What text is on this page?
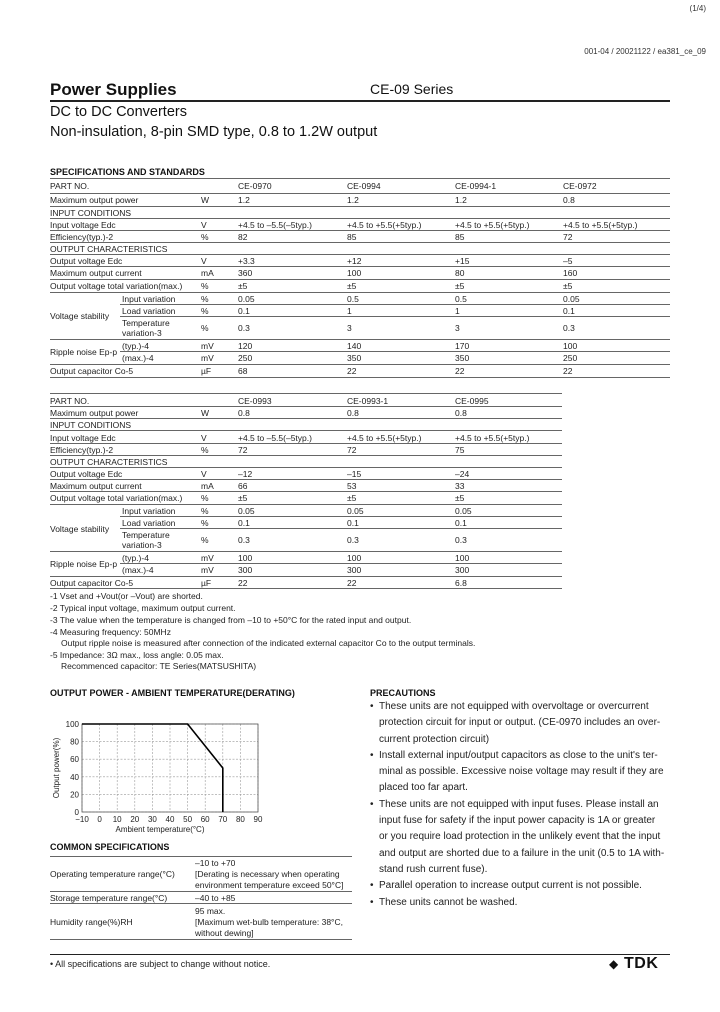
(1/4)
001-04 / 20021122 / ea381_ce_09
Power Supplies	CE-09 Series
DC to DC Converters
Non-insulation, 8-pin SMD type, 0.8 to 1.2W output
SPECIFICATIONS AND STANDARDS
PART NO.	CE-0970	CE-0994	CE-0994-1	CE-0972
Maximum output power	W	1.2	1.2	1.2	0.8
INPUT CONDITIONS
Input voltage Edc	V	+4.5 to –5.5(–5typ.)	+4.5 to +5.5(+5typ.)	+4.5 to +5.5(+5typ.)	+4.5 to +5.5(+5typ.)
Efficiency(typ.)-2	%	82	85	85	72
OUTPUT CHARACTERISTICS
Output voltage Edc	V	+3.3	+12	+15	–5
Maximum output current	mA	360	100	80	160
Output voltage total variation(max.) %	±5	±5	±5	±5
Voltage stability
Input variation	%	0.05	0.5	0.5	0.05
Load variation	%	0.1	1	1	0.1
Temperature
variation-3	%	0.3	3	3	0.3
Ripple noise Ep-p
(typ.)-4	mV	120	140	170	100
(max.)-4	mV	250	350	350	250
Output capacitor Co-5	µF	68	22	22	22
PART NO.	CE-0993	CE-0993-1	CE-0995
Maximum output power	W	0.8	0.8	0.8
INPUT CONDITIONS
Input voltage Edc	V	+4.5 to –5.5(–5typ.)	+4.5 to +5.5(+5typ.)	+4.5 to +5.5(+5typ.)
Efficiency(typ.)-2	%	72	72	75
OUTPUT CHARACTERISTICS
Output voltage Edc	V	–12	–15	–24
Maximum output current	mA	66	53	33
Output voltage total variation(max.) %	±5	±5	±5
Voltage stability
Input variation	%	0.05	0.05	0.05
Load variation	%	0.1	0.1	0.1
Temperature
variation-3	%	0.3	0.3	0.3
Ripple noise Ep-p
(typ.)-4	mV	100	100	100
(max.)-4	mV	300	300	300
Output capacitor Co-5	µF	22	22	6.8
-1 Vset and +Vout(or –Vout) are shorted.
-2 Typical input voltage, maximum output current.
-3 The value when the temperature is changed from –10 to +50°C for the rated input and output.
-4 Measuring frequency: 50MHz
Output ripple noise is measured after connection of the indicated external capacitor Co to the output terminals.
-5 Impedance: 3Ω max., loss angle: 0.05 max.
Recommenced capacitor: TE Series(MATSUSHITA)
OUTPUT POWER - AMBIENT TEMPERATURE(DERATING)
−10 0 10 20 30 40 50 60 70 80 90
0
20
40
60
80
100
Ambient temperature(°C)
Output power(%)
COMMON SPECIFICATIONS
Operating temperature range(°C)
–10 to +70
[Derating is necessary when operating
environment temperature exceed 50°C]
Storage temperature range(°C)	–40 to +85
Humidity range(%)RH
95 max.
[Maximum wet-bulb temperature: 38°C,
without dewing]
PRECAUTIONS
• These units are not equipped with overvoltage or overcurrent
protection circuit for input or output. (CE-0970 includes an over-
current protection circuit)
• Install external input/output capacitors as close to the unit's ter-
minal as possible. Excessive noise voltage may result if they are
placed too far apart.
• These units are not equipped with input fuses. Please install an
input fuse for safety if the input power capacity is 1A or greater
or you require load protection in the unlikely event that the input
and output are shorted due to a failure in the unit (0.5 to 1A with-
stand rush current fuse).
• Parallel operation to increase output current is not possible.
• These units cannot be washed.
• All specifications are subject to change without notice.	◆ TDK
